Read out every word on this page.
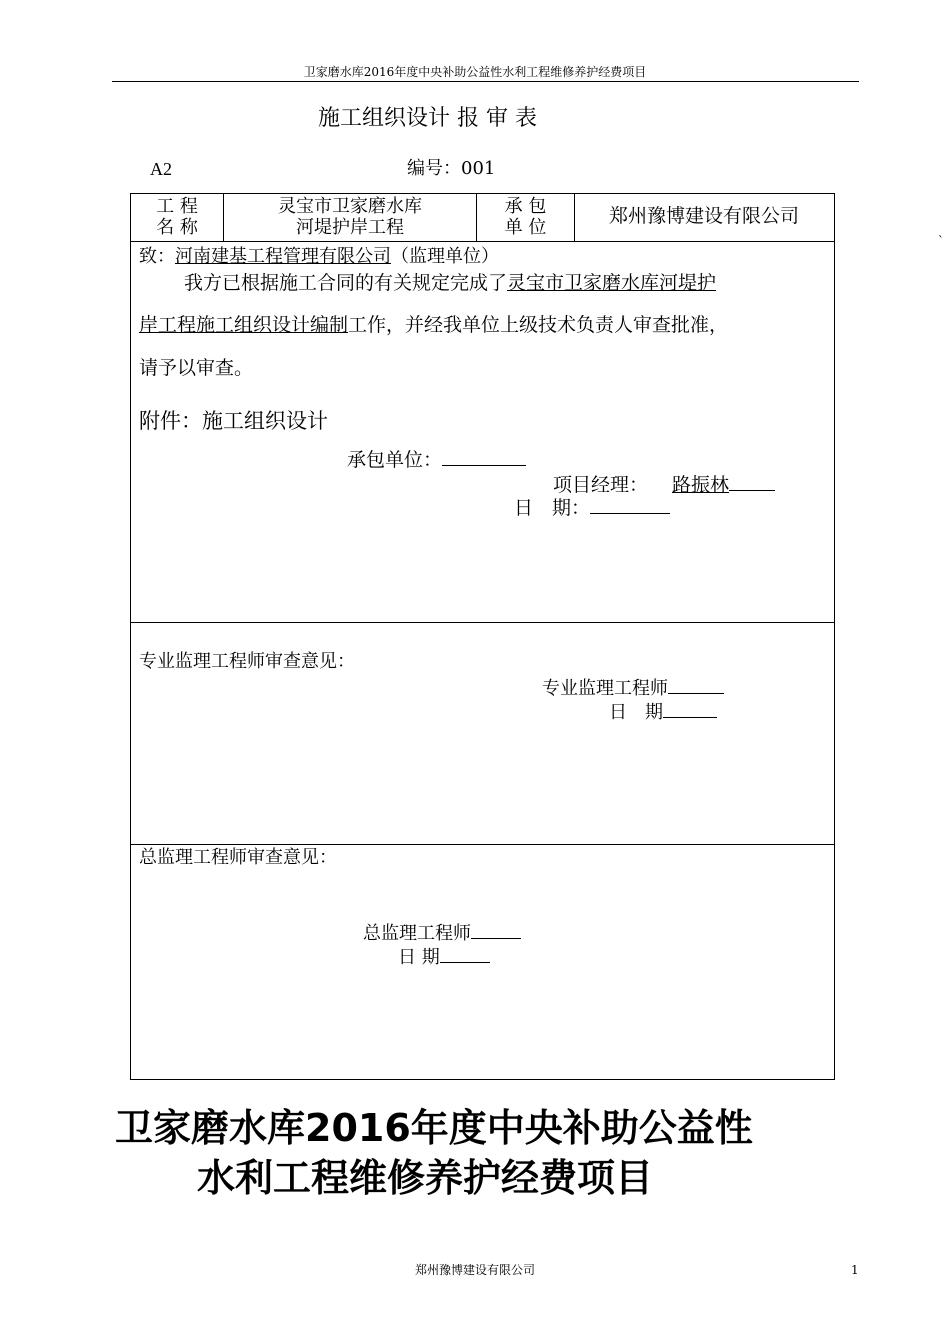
卫家磨水库2016年度中央补助公益性水利工程维修养护经费项目
`
施工组织设计 报 审 表
A2	编号：001
工 程
名 称
灵宝市卫家磨水库
河堤护岸工程
承 包
单 位
郑州豫博建设有限公司
致：河南建基工程管理有限公司（监理单位）
我方已根据施工合同的有关规定完成了灵宝市卫家磨水库河堤护
岸工程施工组织设计编制工作，并经我单位上级技术负责人审查批准，
请予以审查。
附件：施工组织设计
承包单位：
项目经理： 路振林
日　期：
专业监理工程师审查意见：
专业监理工程师
日　期
总监理工程师审查意见：
总监理工程师
日 期
卫家磨水库2016年度中央补助公益性
水利工程维修养护经费项目
郑州豫博建设有限公司	1
